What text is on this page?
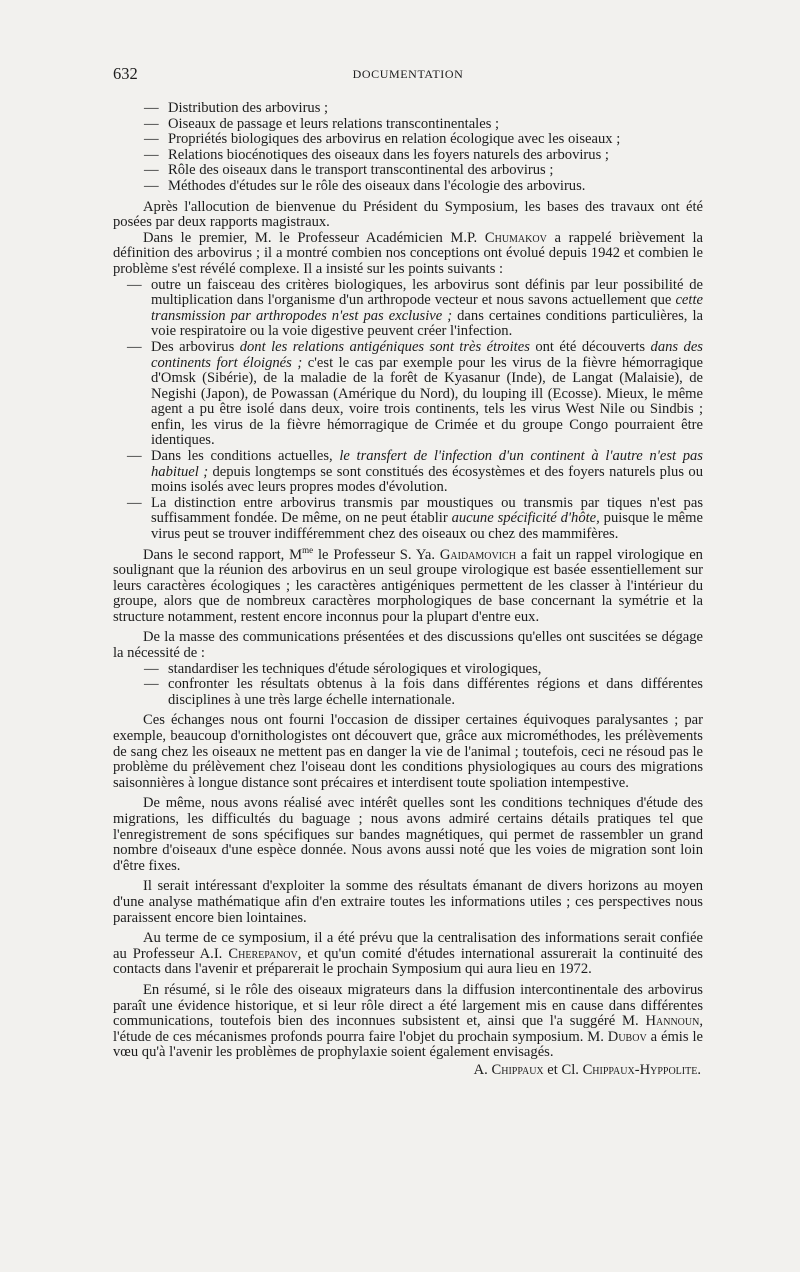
632	DOCUMENTATION
— Distribution des arbovirus ;
— Oiseaux de passage et leurs relations transcontinentales ;
— Propriétés biologiques des arbovirus en relation écologique avec les oiseaux ;
— Relations biocénotiques des oiseaux dans les foyers naturels des arbovirus ;
— Rôle des oiseaux dans le transport transcontinental des arbovirus ;
— Méthodes d'études sur le rôle des oiseaux dans l'écologie des arbovirus.

Après l'allocution de bienvenue du Président du Symposium, les bases des travaux ont été posées par deux rapports magistraux.

Dans le premier, M. le Professeur Académicien M.P. Chumakov a rappelé brièvement la définition des arbovirus ; il a montré combien nos conceptions ont évolué depuis 1942 et combien le problème s'est révélé complexe. Il a insisté sur les points suivants :

— outre un faisceau des critères biologiques, les arbovirus sont définis par leur possibilité de multiplication dans l'organisme d'un arthropode vecteur et nous savons actuellement que cette transmission par arthropodes n'est pas exclusive ; dans certaines conditions particulières, la voie respiratoire ou la voie digestive peuvent créer l'infection.
— Des arbovirus dont les relations antigéniques sont très étroites ont été découverts dans des continents fort éloignés ; c'est le cas par exemple pour les virus de la fièvre hémorragique d'Omsk (Sibérie), de la maladie de la forêt de Kyasanur (Inde), de Langat (Malaisie), de Negishi (Japon), de Powassan (Amérique du Nord), du louping ill (Ecosse). Mieux, le même agent a pu être isolé dans deux, voire trois continents, tels les virus West Nile ou Sindbis ; enfin, les virus de la fièvre hémorragique de Crimée et du groupe Congo pourraient être identiques.
— Dans les conditions actuelles, le transfert de l'infection d'un continent à l'autre n'est pas habituel ; depuis longtemps se sont constitués des écosystèmes et des foyers naturels plus ou moins isolés avec leurs propres modes d'évolution.
— La distinction entre arbovirus transmis par moustiques ou transmis par tiques n'est pas suffisamment fondée. De même, on ne peut établir aucune spécificité d'hôte, puisque le même virus peut se trouver indifféremment chez des oiseaux ou chez des mammifères.

Dans le second rapport, $M^{me}$ le Professeur S. Ya. Gaidamovich a fait un rappel virologique en soulignant que la réunion des arbovirus en un seul groupe virologique est basée essentiellement sur leurs caractères écologiques ; les caractères antigéniques permettent de les classer à l'intérieur du groupe, alors que de nombreux caractères morphologiques de base concernant la symétrie et la structure notamment, restent encore inconnus pour la plupart d'entre eux.

De la masse des communications présentées et des discussions qu'elles ont suscitées se dégage la nécessité de :

— standardiser les techniques d'étude sérologiques et virologiques,
— confronter les résultats obtenus à la fois dans différentes régions et dans différentes disciplines à une très large échelle internationale.

Ces échanges nous ont fourni l'occasion de dissiper certaines équivoques paralysantes ; par exemple, beaucoup d'ornithologistes ont découvert que, grâce aux microméthodes, les prélèvements de sang chez les oiseaux ne mettent pas en danger la vie de l'animal ; toutefois, ceci ne résoud pas le problème du prélèvement chez l'oiseau dont les conditions physiologiques au cours des migrations saisonnières à longue distance sont précaires et interdisent toute spoliation intempestive.

De même, nous avons réalisé avec intérêt quelles sont les conditions techniques d'étude des migrations, les difficultés du baguage ; nous avons admiré certains détails pratiques tel que l'enregistrement de sons spécifiques sur bandes magnétiques, qui permet de rassembler un grand nombre d'oiseaux d'une espèce donnée. Nous avons aussi noté que les voies de migration sont loin d'être fixes.

Il serait intéressant d'exploiter la somme des résultats émanant de divers horizons au moyen d'une analyse mathématique afin d'en extraire toutes les informations utiles ; ces perspectives nous paraissent encore bien lointaines.

Au terme de ce symposium, il a été prévu que la centralisation des informations serait confiée au Professeur A.I. Cherepanov, et qu'un comité d'études international assurerait la continuité des contacts dans l'avenir et préparerait le prochain Symposium qui aura lieu en 1972.

En résumé, si le rôle des oiseaux migrateurs dans la diffusion intercontinentale des arbovirus paraît une évidence historique, et si leur rôle direct a été largement mis en cause dans différentes communications, toutefois bien des inconnues subsistent et, ainsi que l'a suggéré M. Hannoun, l'étude de ces mécanismes profonds pourra faire l'objet du prochain symposium. M. Dubov a émis le vœu qu'à l'avenir les problèmes de prophylaxie soient également envisagés.

A. Chippaux et Cl. Chippaux-Hyppolite.
